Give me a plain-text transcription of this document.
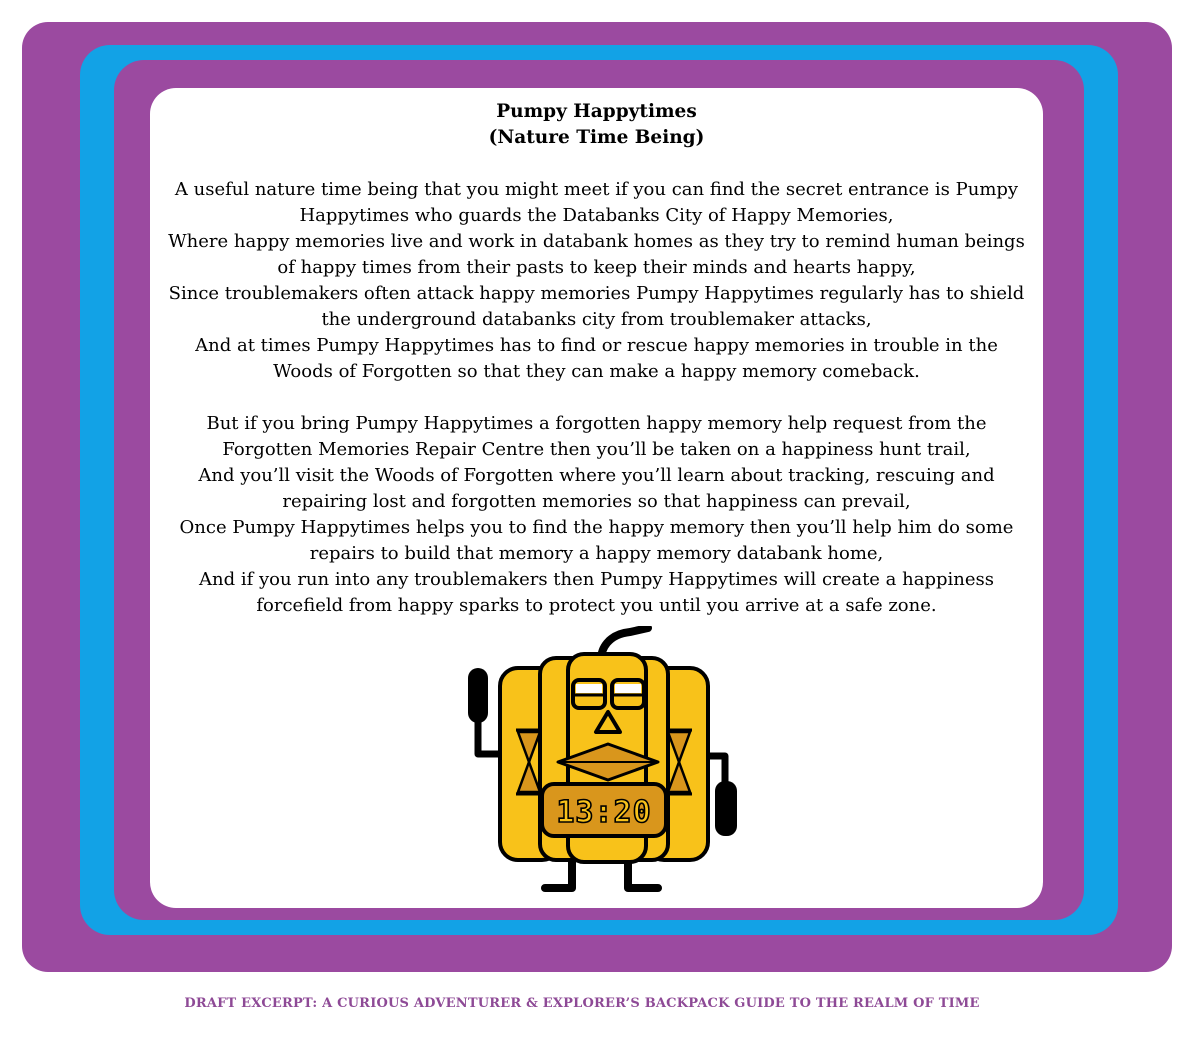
Pumpy Happytimes
(Nature Time Being)
A useful nature time being that you might meet if you can find the secret entrance is Pumpy
Happytimes who guards the Databanks City of Happy Memories,
Where happy memories live and work in databank homes as they try to remind human beings
of happy times from their pasts to keep their minds and hearts happy,
Since troublemakers often attack happy memories Pumpy Happytimes regularly has to shield
the underground databanks city from troublemaker attacks,
And at times Pumpy Happytimes has to find or rescue happy memories in trouble in the
Woods of Forgotten so that they can make a happy memory comeback.
But if you bring Pumpy Happytimes a forgotten happy memory help request from the
Forgotten Memories Repair Centre then you’ll be taken on a happiness hunt trail,
And you’ll visit the Woods of Forgotten where you’ll learn about tracking, rescuing and
repairing lost and forgotten memories so that happiness can prevail,
Once Pumpy Happytimes helps you to find the happy memory then you’ll help him do some
repairs to build that memory a happy memory databank home,
And if you run into any troublemakers then Pumpy Happytimes will create a happiness
forcefield from happy sparks to protect you until you arrive at a safe zone.
13:20
DRAFT EXCERPT: A CURIOUS ADVENTURER & EXPLORER’S BACKPACK GUIDE TO THE REALM OF TIME
